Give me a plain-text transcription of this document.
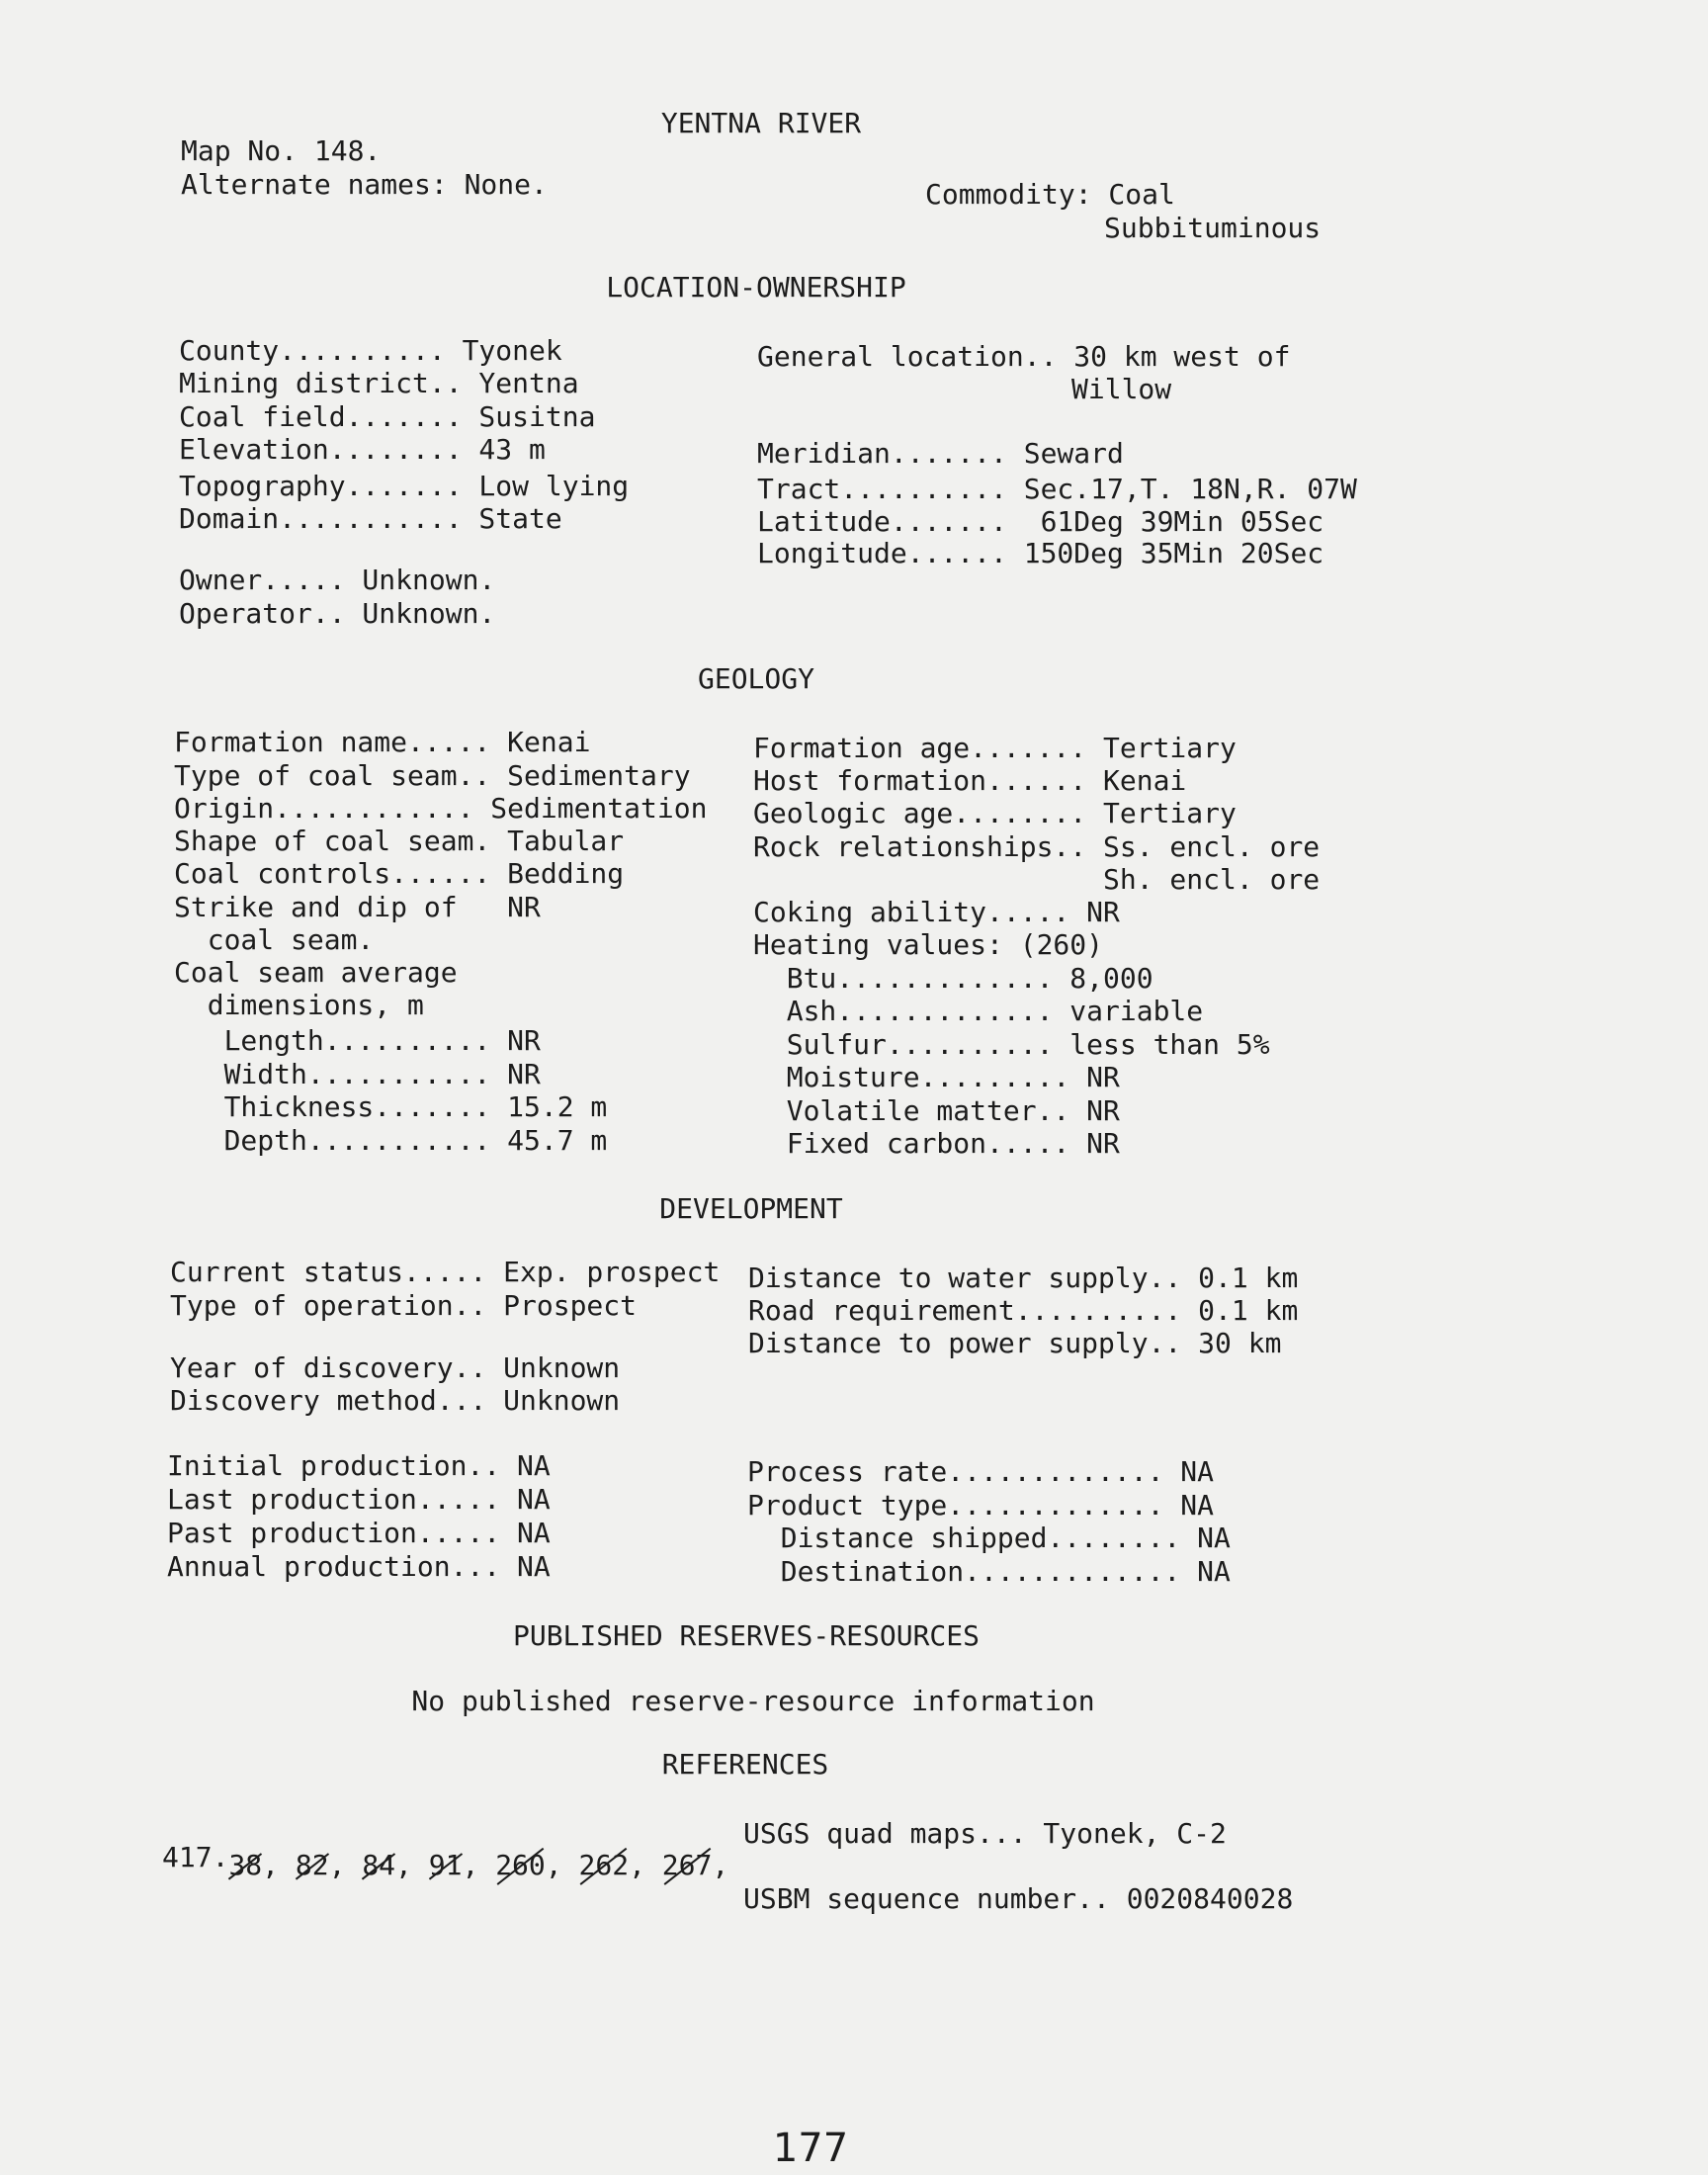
YENTNA RIVER
Map No. 148.
Alternate names: None.	Commodity: Coal
Subbituminous
LOCATION-OWNERSHIP
County.......... Tyonek
Mining district.. Yentna
Coal field....... Susitna
Elevation........ 43 m
Topography....... Low lying
Domain........... State
General location.. 30 km west of
Willow
Meridian....... Seward
Tract.......... Sec.17,T. 18N,R. 07W
Latitude.......  61Deg 39Min 05Sec
Longitude...... 150Deg 35Min 20Sec
Owner..... Unknown.
Operator.. Unknown.
GEOLOGY
Formation name..... Kenai
Type of coal seam.. Sedimentary
Origin............ Sedimentation
Shape of coal seam. Tabular
Coal controls...... Bedding
Strike and dip of   NR
coal seam.
Coal seam average
dimensions, m
Length.......... NR
Width........... NR
Thickness....... 15.2 m
Depth........... 45.7 m
Formation age....... Tertiary
Host formation...... Kenai
Geologic age........ Tertiary
Rock relationships.. Ss. encl. ore
Sh. encl. ore
Coking ability..... NR
Heating values: (260)
Btu............. 8,000
Ash............. variable
Sulfur.......... less than 5%
Moisture......... NR
Volatile matter.. NR
Fixed carbon..... NR
DEVELOPMENT
Current status..... Exp. prospect
Type of operation.. Prospect
Year of discovery.. Unknown
Discovery method... Unknown
Distance to water supply.. 0.1 km
Road requirement.......... 0.1 km
Distance to power supply.. 30 km
Initial production.. NA
Last production..... NA
Past production..... NA
Annual production... NA
Process rate............. NA
Product type............. NA
Distance shipped........ NA
Destination............. NA
PUBLISHED RESERVES-RESOURCES
No published reserve-resource information
REFERENCES

38, 82, 84, 91, 260, 262, 267,
417.
USGS quad maps... Tyonek, C-2
USBM sequence number.. 0020840028
177
